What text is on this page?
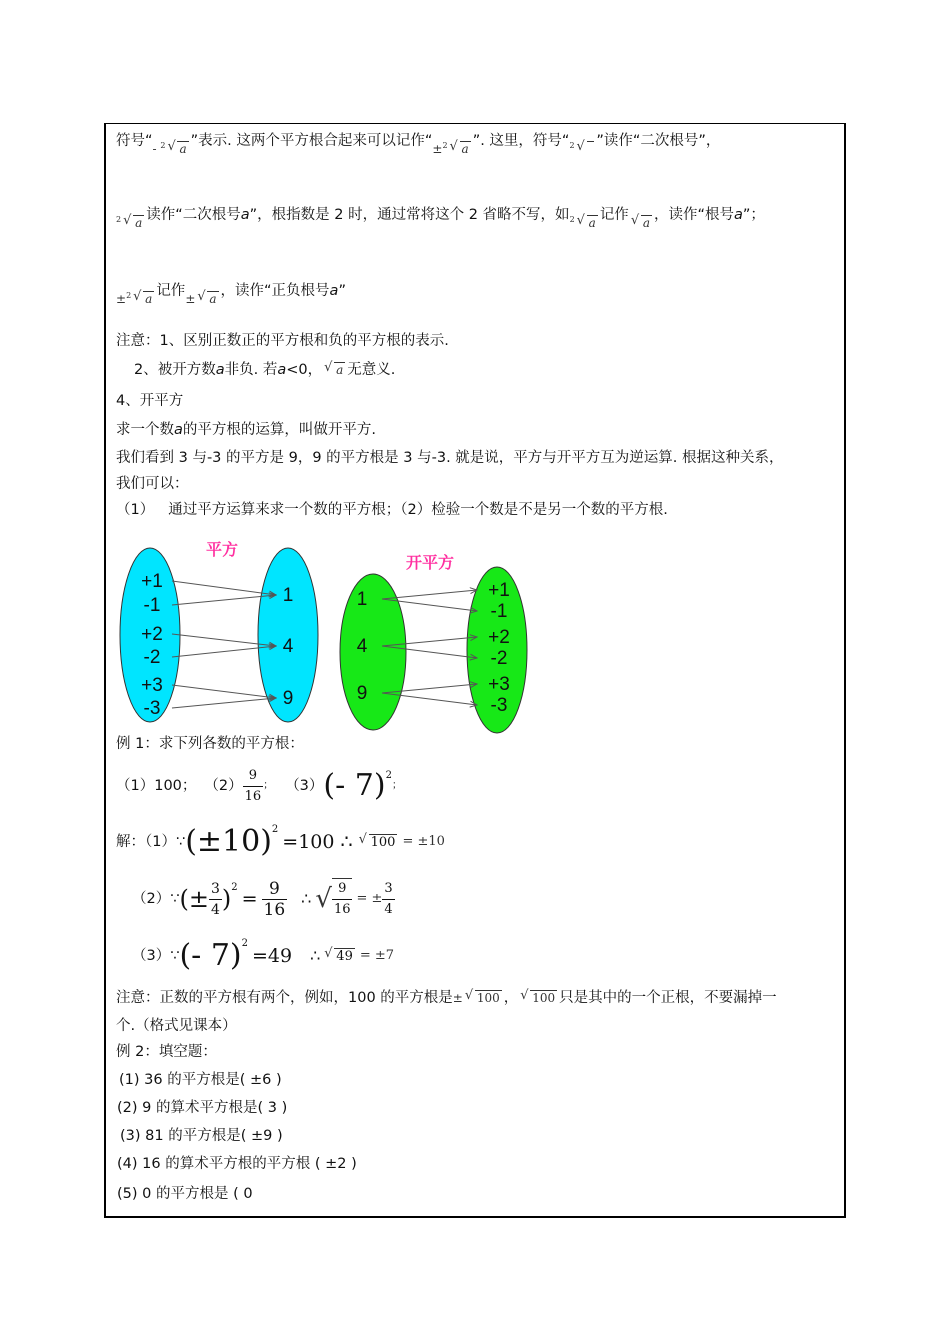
符号“$_{- ^2√ a}$ ”表示. 这两个平方根合起来可以记作“$_{\pm^2√ a}$ ”. 这里，符号“$_{^2}√$ ”读作“二次根号”，
$_{^2√ a}$ 读作“二次根号a”，根指数是 2 时，通过常将这个 2 省略不写，如$_{^2√ a}$ 记作√ $_a$ ，读作“根号a”；
$_{\pm^2√ a}$ 记作$_{\pm√ a}$ ，读作“正负根号a”
注意：1、区别正数正的平方根和负的平方根的表示.
2、被开方数a非负. 若a<0，√ a 无意义.
4、开平方
求一个数a的平方根的运算，叫做开平方.
我们看到 3 与-3 的平方是 9，9 的平方根是 3 与-3. 就是说，平方与开平方互为逆运算. 根据这种关系，
我们可以：
（1） 通过平方运算来求一个数的平方根；（2）检验一个数是不是另一个数的平方根.
平方
+1
-1
+2
-2
+3
-3
1
4
9
开平方
1
4
9
+1
-1
+2
-2
+3
-3
例 1：求下列各数的平方根：
（1）100； $(2) \frac{9}{16}$ ； （3） (- 7) 2
；
解：（1）∵ (±10) 2
=100 ∴
√	100 = ±10
（2）∵ (± $\frac{3}{4}$ ) 2
= $\frac{9}{16}$ ∴ √ $\frac{9}{16}$ = ± $\frac{3}{4}$
（3）∵ (- 7) 2
=49 ∴
√	49 = ±7
注意：正数的平方根有两个，例如，100 的平方根是±√ 100 ，√ 100 只是其中的一个正根，不要漏掉一
个.（格式见课本）
例 2：填空题：
(1) 36 的平方根是( ±6 )
(2) 9 的算术平方根是( 3 )
(3) 81 的平方根是( ±9 )
(4) 16 的算术平方根的平方根 ( ±2 )
(5) 0 的平方根是 ( 0
